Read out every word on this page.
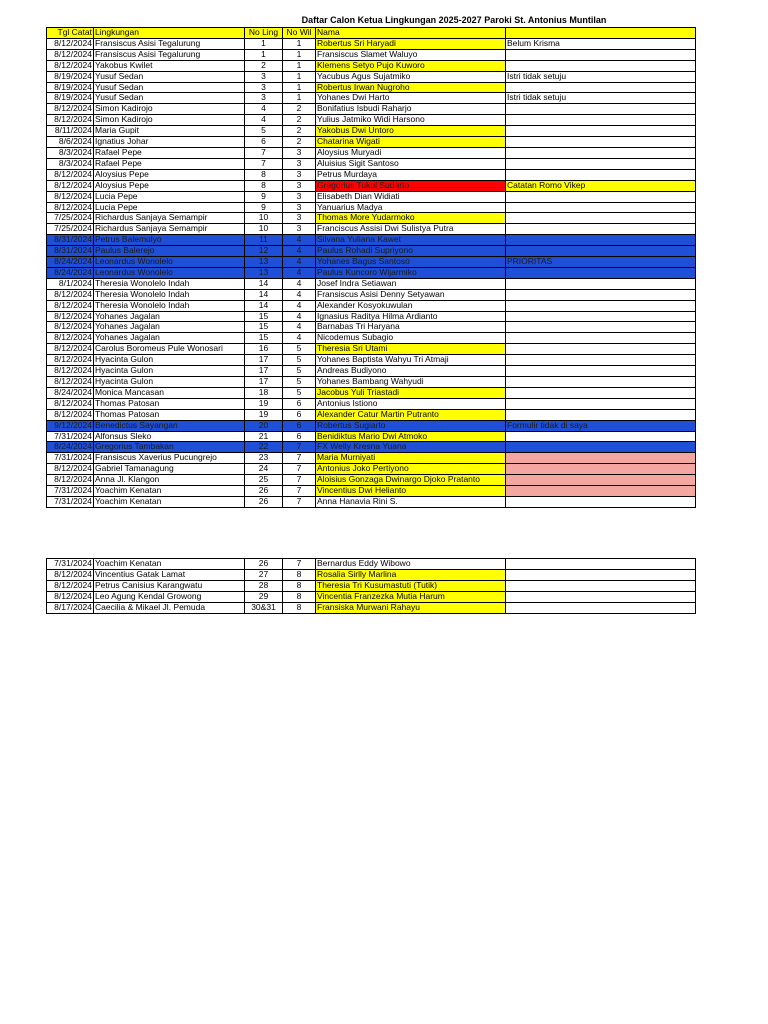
Daftar Calon Ketua Lingkungan 2025-2027 Paroki St. Antonius Muntilan
Tgl Catat	Lingkungan	No Ling	No Wil	Nama	
8/12/2024	Fransiscus Asisi Tegalurung	1	1	Robertus Sri Haryadi	Belum Krisma
8/12/2024	Fransiscus Asisi Tegalurung	1	1	Fransiscus Slamet Waluyo	
8/12/2024	Yakobus Kwilet	2	1	Klemens Setyo Pujo Kuworo	
8/19/2024	Yusuf Sedan	3	1	Yacubus Agus Sujatmiko	Istri tidak setuju
8/19/2024	Yusuf Sedan	3	1	Robertus Irwan Nugroho	
8/19/2024	Yusuf Sedan	3	1	Yohanes Dwi Harto	Istri tidak setuju
8/12/2024	Simon Kadirojo	4	2	Bonifatius Isbudi Raharjo	
8/12/2024	Simon Kadirojo	4	2	Yulius Jatmiko Widi Harsono	
8/11/2024	Maria Gupit	5	2	Yakobus Dwi Untoro	
8/6/2024	Ignatius Johar	6	2	Chatarina Wigati	
8/3/2024	Rafael Pepe	7	3	Aloysius Muryadi	
8/3/2024	Rafael Pepe	7	3	Aluisius Sigit Santoso	
8/12/2024	Aloysius Pepe	8	3	Petrus Murdaya	
8/12/2024	Aloysius Pepe	8	3	Gregorius Tukul Sudarto	Catatan Romo Vikep
8/12/2024	Lucia Pepe	9	3	Elisabeth Dian Widiati	
8/12/2024	Lucia Pepe	9	3	Yanuarius Madya	
7/25/2024	Richardus Sanjaya Semampir	10	3	Thomas More Yudarmoko	
7/25/2024	Richardus Sanjaya Semampir	10	3	Franciscus Assisi Dwi Sulistya Putra	
8/31/2024	Petrus Balemulyo	11	4	Silvana Yuliana Kawet	
8/31/2024	Paulus Balerejo	12	4	Paulus Rohadi Supriyono	
8/24/2024	Leonardus Wonolelo	13	4	Yohanes Bagus Santoso	PRIORITAS
8/24/2024	Leonardus Wonolelo	13	4	Paulus Kuncoro Wijarmiko	
8/1/2024	Theresia Wonolelo Indah	14	4	Josef Indra Setiawan	
8/12/2024	Theresia Wonolelo Indah	14	4	Fransiscus Asisi Denny Setyawan	
8/12/2024	Theresia Wonolelo Indah	14	4	Alexander Kosyokuwulan	
8/12/2024	Yohanes Jagalan	15	4	Ignasius Raditya Hilma Ardianto	
8/12/2024	Yohanes Jagalan	15	4	Barnabas Tri Haryana	
8/12/2024	Yohanes Jagalan	15	4	Nicodemus Subagio	
8/12/2024	Carolus Boromeus Pule Wonosari	16	5	Theresia Sri Utami	
8/12/2024	Hyacinta Gulon	17	5	Yohanes Baptista Wahyu Tri Atmaji	
8/12/2024	Hyacinta Gulon	17	5	Andreas Budiyono	
8/12/2024	Hyacinta Gulon	17	5	Yohanes Bambang Wahyudi	
8/24/2024	Monica Mancasan	18	5	Jacobus Yuli Triastadi	
8/12/2024	Thomas Patosan	19	6	Antonius Istiono	
8/12/2024	Thomas Patosan	19	6	Alexander Catur Martin Putranto	
9/12/2024	Benedictus Sayangan	20	6	Robertus Sugiarto	Formulir tidak di saya
7/31/2024	Alfonsus Sleko	21	6	Benidiktus Mario Dwi Atmoko	
8/24/2024	Gregorius Tambakan	22	7	FX Welly Kresna Yuana	
7/31/2024	Fransiscus Xaverius Pucungrejo	23	7	Maria Murniyati	
8/12/2024	Gabriel Tamanagung	24	7	Antonius Joko Pertiyono	
8/12/2024	Anna Jl. Klangon	25	7	Aloisius Gonzaga Dwinargo Djoko Pratanto	
7/31/2024	Yoachim Kenatan	26	7	Vincentius Dwi Helianto	
7/31/2024	Yoachim Kenatan	26	7	Anna Hanavia Rini S.	
7/31/2024	Yoachim Kenatan	26	7	Bernardus Eddy Wibowo	
8/12/2024	Vincentius Gatak Lamat	27	8	Rosalia Sirlly Marlina	
8/12/2024	Petrus Canisius Karangwatu	28	8	Theresia Tri Kusumastuti (Tutik)	
8/12/2024	Leo Agung Kendal Growong	29	8	Vincentia Franzezka Mutia Harum	
8/17/2024	Caecilia & Mikael Jl. Pemuda	30&31	8	Fransiska Murwani Rahayu	
